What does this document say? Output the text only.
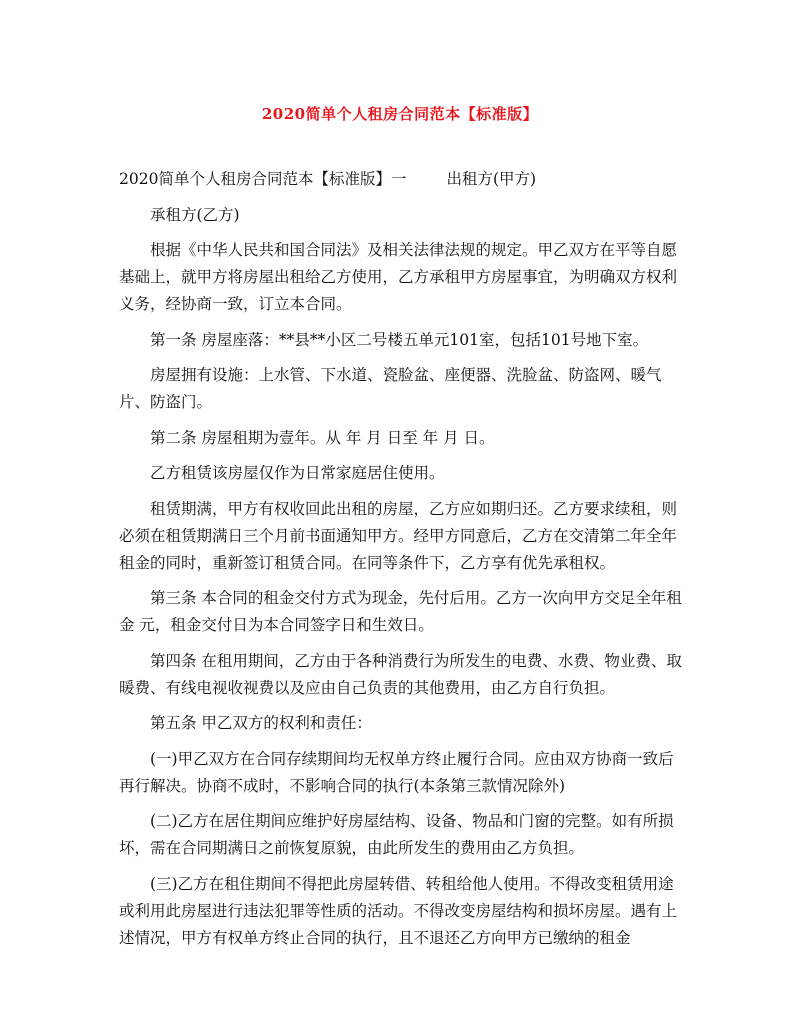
2020简单个人租房合同范本【标准版】

2020简单个人租房合同范本【标准版】一	出租方(甲方)

承租方(乙方)

根据《中华人民共和国合同法》及相关法律法规的规定。甲乙双方在平等自愿基础上，就甲方将房屋出租给乙方使用，乙方承租甲方房屋事宜，为明确双方权利义务，经协商一致，订立本合同。

第一条 房屋座落：**县**小区二号楼五单元101室，包括101号地下室。

房屋拥有设施：上水管、下水道、瓷脸盆、座便器、洗脸盆、防盗网、暖气片、防盗门。

第二条 房屋租期为壹年。从 年 月 日至 年 月 日。

乙方租赁该房屋仅作为日常家庭居住使用。

租赁期满，甲方有权收回此出租的房屋，乙方应如期归还。乙方要求续租，则必须在租赁期满日三个月前书面通知甲方。经甲方同意后，乙方在交清第二年全年租金的同时，重新签订租赁合同。在同等条件下，乙方享有优先承租权。

第三条 本合同的租金交付方式为现金，先付后用。乙方一次向甲方交足全年租金 元，租金交付日为本合同签字日和生效日。

第四条 在租用期间，乙方由于各种消费行为所发生的电费、水费、物业费、取暖费、有线电视收视费以及应由自己负责的其他费用，由乙方自行负担。

第五条 甲乙双方的权利和责任：

(一)甲乙双方在合同存续期间均无权单方终止履行合同。应由双方协商一致后再行解决。协商不成时，不影响合同的执行(本条第三款情况除外)

(二)乙方在居住期间应维护好房屋结构、设备、物品和门窗的完整。如有所损坏，需在合同期满日之前恢复原貌，由此所发生的费用由乙方负担。

(三)乙方在租住期间不得把此房屋转借、转租给他人使用。不得改变租赁用途或利用此房屋进行违法犯罪等性质的活动。不得改变房屋结构和损坏房屋。遇有上述情况，甲方有权单方终止合同的执行，且不退还乙方向甲方已缴纳的租金
